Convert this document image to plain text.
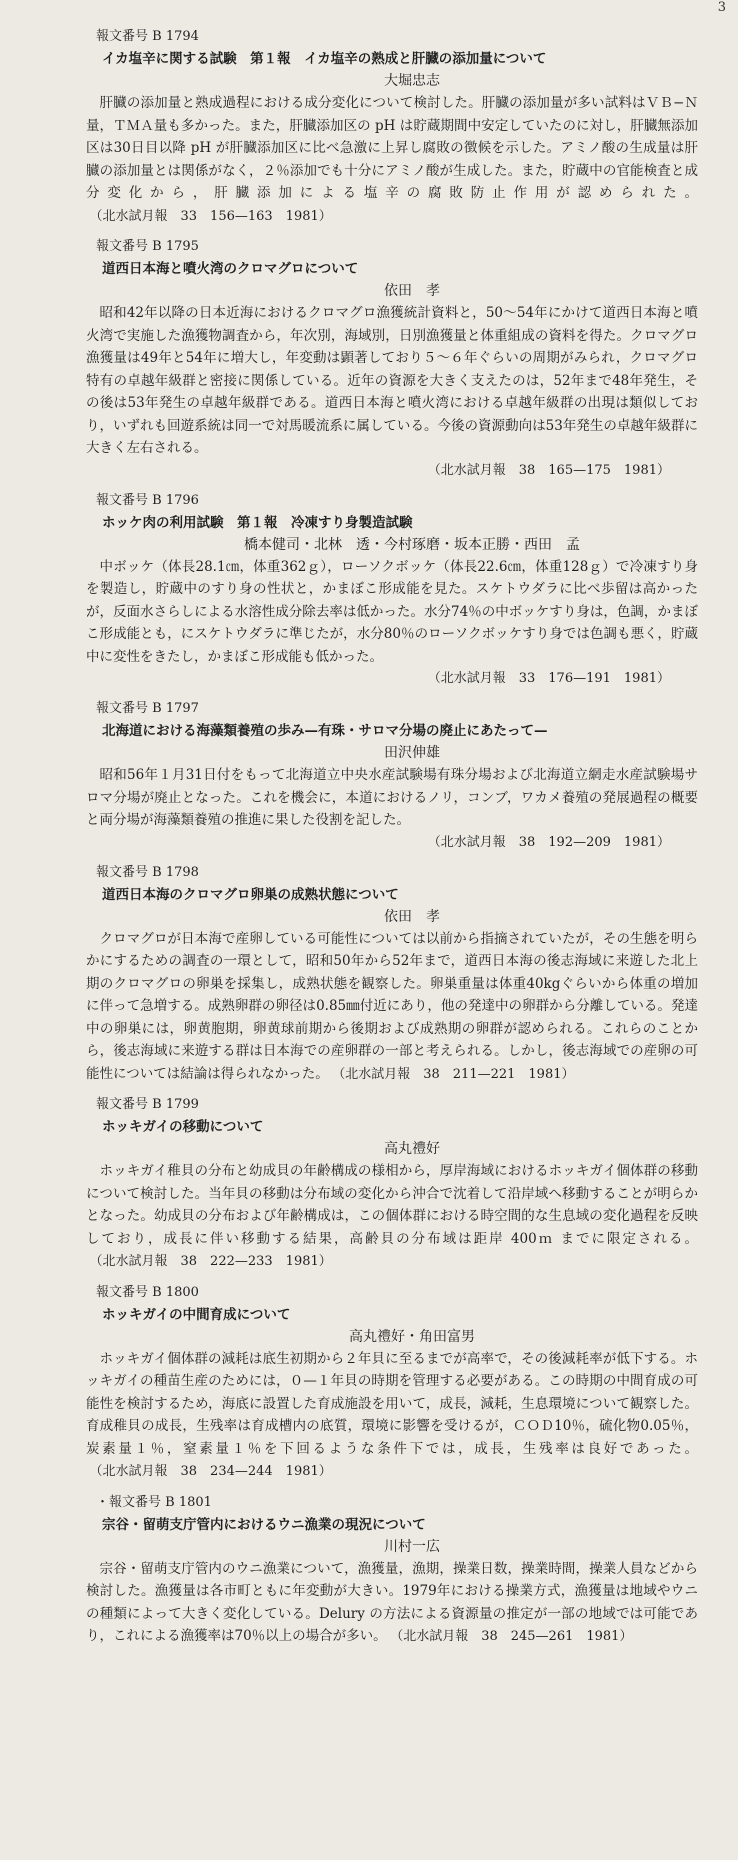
3
報文番号 B 1794
イカ塩辛に関する試験　第１報　イカ塩辛の熟成と肝臓の添加量について
大堀忠志

肝臓の添加量と熟成過程における成分変化について検討した。肝臓の添加量が多い試料はＶＢ−Ｎ量，ＴＭＡ量も多かった。また，肝臓添加区の pH は貯蔵期間中安定していたのに対し，肝臓無添加区は30日目以降 pH が肝臓添加区に比べ急激に上昇し腐敗の徴候を示した。アミノ酸の生成量は肝臓の添加量とは関係がなく，２％添加でも十分にアミノ酸が生成した。また，貯蔵中の官能検査と成分変化から，肝臓添加による塩辛の腐敗防止作用が認められた。（北水試月報　33　156—163　1981）

報文番号 B 1795
道西日本海と噴火湾のクロマグロについて
依田　孝

昭和42年以降の日本近海におけるクロマグロ漁獲統計資料と，50〜54年にかけて道西日本海と噴火湾で実施した漁獲物調査から，年次別，海域別，日別漁獲量と体重組成の資料を得た。クロマグロ漁獲量は49年と54年に増大し，年変動は顕著しており５〜６年ぐらいの周期がみられ，クロマグロ特有の卓越年級群と密接に関係している。近年の資源を大きく支えたのは，52年まで48年発生，その後は53年発生の卓越年級群である。道西日本海と噴火湾における卓越年級群の出現は類似しており，いずれも回遊系統は同一で対馬暖流系に属している。今後の資源動向は53年発生の卓越年級群に大きく左右される。

（北水試月報　38　165—175　1981）
報文番号 B 1796
ホッケ肉の利用試験　第１報　冷凍すり身製造試験
橋本健司・北林　透・今村琢磨・坂本正勝・西田　孟

中ボッケ（体長28.1㎝，体重362ｇ），ローソクボッケ（体長22.6㎝，体重128ｇ）で冷凍すり身を製造し，貯蔵中のすり身の性状と，かまぼこ形成能を見た。スケトウダラに比べ歩留は高かったが，反面水さらしによる水溶性成分除去率は低かった。水分74％の中ボッケすり身は，色調，かまぼこ形成能とも，にスケトウダラに準じたが，水分80％のローソクボッケすり身では色調も悪く，貯蔵中に変性をきたし，かまぼこ形成能も低かった。

（北水試月報　33　176—191　1981）
報文番号 B 1797
北海道における海藻類養殖の歩み—有珠・サロマ分場の廃止にあたって—
田沢伸雄

昭和56年１月31日付をもって北海道立中央水産試験場有珠分場および北海道立網走水産試験場サロマ分場が廃止となった。これを機会に，本道におけるノリ，コンブ，ワカメ養殖の発展過程の概要と両分場が海藻類養殖の推進に果した役割を記した。

（北水試月報　38　192—209　1981）
報文番号 B 1798
道西日本海のクロマグロ卵巣の成熟状態について
依田　孝

クロマグロが日本海で産卵している可能性については以前から指摘されていたが，その生態を明らかにするための調査の一環として，昭和50年から52年まで，道西日本海の後志海域に来遊した北上期のクロマグロの卵巣を採集し，成熟状態を観察した。卵巣重量は体重40kgぐらいから体重の増加に伴って急増する。成熟卵群の卵径は0.85㎜付近にあり，他の発達中の卵群から分離している。発達中の卵巣には，卵黄胞期，卵黄球前期から後期および成熟期の卵群が認められる。これらのことから，後志海域に来遊する群は日本海での産卵群の一部と考えられる。しかし，後志海域での産卵の可能性については結論は得られなかった。 （北水試月報　38　211—221　1981）

報文番号 B 1799
ホッキガイの移動について
高丸禮好

ホッキガイ稚貝の分布と幼成貝の年齢構成の様相から，厚岸海域におけるホッキガイ個体群の移動について検討した。当年貝の移動は分布域の変化から沖合で沈着して沿岸域へ移動することが明らかとなった。幼成貝の分布および年齢構成は，この個体群における時空間的な生息域の変化過程を反映しており，成長に伴い移動する結果，高齢貝の分布域は距岸 400ｍ までに限定される。（北水試月報　38　222—233　1981）

報文番号 B 1800
ホッキガイの中間育成について
高丸禮好・角田富男

ホッキガイ個体群の減耗は底生初期から２年貝に至るまでが高率で，その後減耗率が低下する。ホッキガイの種苗生産のためには，０—１年貝の時期を管理する必要がある。この時期の中間育成の可能性を検討するため，海底に設置した育成施設を用いて，成長，減耗，生息環境について観察した。育成稚貝の成長，生残率は育成槽内の底質，環境に影響を受けるが，ＣＯＤ10％，硫化物0.05％，炭素量１％，窒素量１％を下回るような条件下では，成長，生残率は良好であった。（北水試月報　38　234—244　1981）

・報文番号 B 1801
宗谷・留萌支庁管内におけるウニ漁業の現況について
川村一広

宗谷・留萌支庁管内のウニ漁業について，漁獲量，漁期，操業日数，操業時間，操業人員などから検討した。漁獲量は各市町ともに年変動が大きい。1979年における操業方式，漁獲量は地域やウニの種類によって大きく変化している。Delury の方法による資源量の推定が一部の地域では可能であり，これによる漁獲率は70％以上の場合が多い。 （北水試月報　38　245—261　1981）
